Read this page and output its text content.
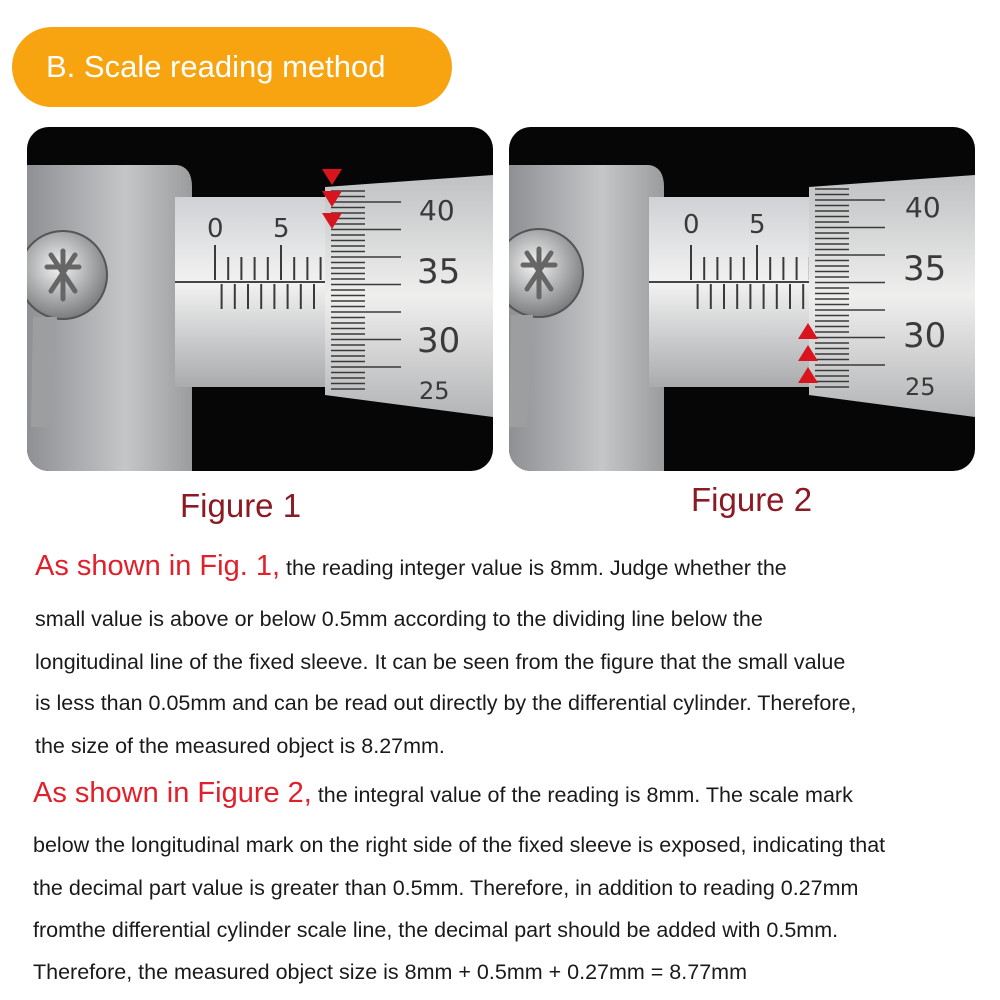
B. Scale reading method
0 5
40
35
30
25
0 5
40
35
30
25
Figure 1	Figure 2
As shown in Fig. 1, the reading integer value is 8mm. Judge whether the
small value is above or below 0.5mm according to the dividing line below the
longitudinal line of the fixed sleeve. It can be seen from the figure that the small value
is less than 0.05mm and can be read out directly by the differential cylinder. Therefore,
the size of the measured object is 8.27mm.
As shown in Figure 2, the integral value of the reading is 8mm. The scale mark
below the longitudinal mark on the right side of the fixed sleeve is exposed, indicating that
the decimal part value is greater than 0.5mm. Therefore, in addition to reading 0.27mm
fromthe differential cylinder scale line, the decimal part should be added with 0.5mm.
Therefore, the measured object size is 8mm + 0.5mm + 0.27mm = 8.77mm
